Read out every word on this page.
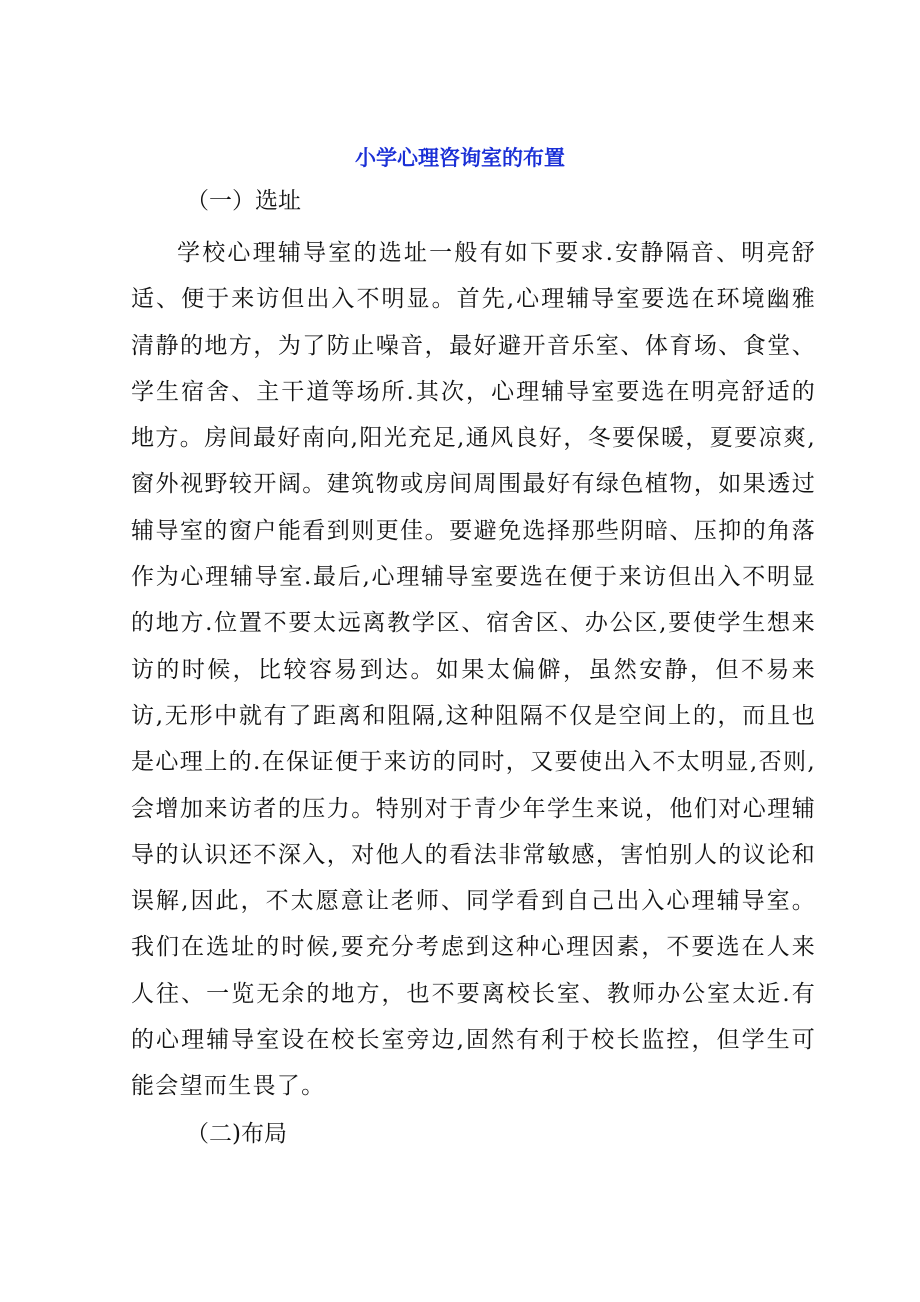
小学心理咨询室的布置

（一）选址

学校心理辅导室的选址一般有如下要求.安静隔音、明亮舒适、便于来访但出入不明显。首先,心理辅导室要选在环境幽雅清静的地方，为了防止噪音，最好避开音乐室、体育场、食堂、学生宿舍、主干道等场所.其次，心理辅导室要选在明亮舒适的地方。房间最好南向,阳光充足,通风良好，冬要保暖，夏要凉爽,窗外视野较开阔。建筑物或房间周围最好有绿色植物，如果透过辅导室的窗户能看到则更佳。要避免选择那些阴暗、压抑的角落作为心理辅导室.最后,心理辅导室要选在便于来访但出入不明显的地方.位置不要太远离教学区、宿舍区、办公区,要使学生想来访的时候，比较容易到达。如果太偏僻，虽然安静，但不易来访,无形中就有了距离和阻隔,这种阻隔不仅是空间上的，而且也是心理上的.在保证便于来访的同时，又要使出入不太明显,否则,会增加来访者的压力。特别对于青少年学生来说，他们对心理辅导的认识还不深入，对他人的看法非常敏感，害怕别人的议论和误解,因此，不太愿意让老师、同学看到自己出入心理辅导室。我们在选址的时候,要充分考虑到这种心理因素，不要选在人来人往、一览无余的地方，也不要离校长室、教师办公室太近.有的心理辅导室设在校长室旁边,固然有利于校长监控，但学生可能会望而生畏了。

（二)布局
